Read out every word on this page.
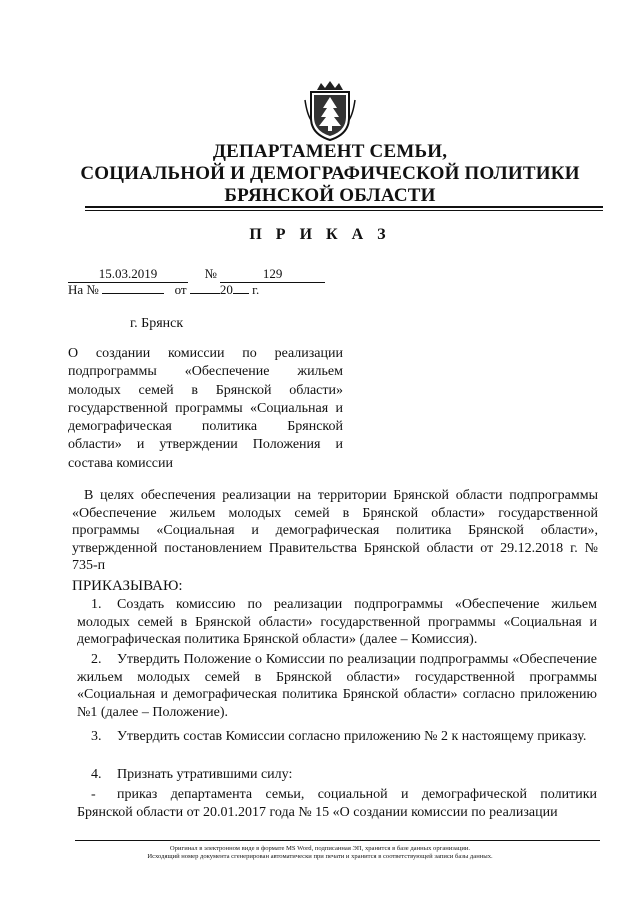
ДЕПАРТАМЕНТ СЕМЬИ,
СОЦИАЛЬНОЙ И ДЕМОГРАФИЧЕСКОЙ ПОЛИТИКИ
БРЯНСКОЙ ОБЛАСТИ
П Р И К А З
15.03.2019	№	129
На №	от	20 г.
г. Брянск
О создании комиссии по реализации подпрограммы «Обеспечение жильем молодых семей в Брянской области» государственной программы «Социальная и демографическая политика Брянской области» и утверждении Положения и состава комиссии
В целях обеспечения реализации на территории Брянской области подпрограммы «Обеспечение жильем молодых семей в Брянской области» государственной программы «Социальная и демографическая политика Брянской области», утвержденной постановлением Правительства Брянской области от 29.12.2018 г. № 735-п
ПРИКАЗЫВАЮ:
1. Создать комиссию по реализации подпрограммы «Обеспечение жильем молодых семей в Брянской области» государственной программы «Социальная и демографическая политика Брянской области» (далее – Комиссия).
2. Утвердить Положение о Комиссии по реализации подпрограммы «Обеспечение жильем молодых семей в Брянской области» государственной программы «Социальная и демографическая политика Брянской области» согласно приложению №1 (далее – Положение).
3. Утвердить состав Комиссии согласно приложению № 2 к настоящему приказу.
4. Признать утратившими силу:
- приказ департамента семьи, социальной и демографической политики Брянской области от 20.01.2017 года № 15 «О создании комиссии по реализации
Оригинал в электронном виде в формате MS Word, подписанная ЭП, хранится в базе данных организации.
Исходящий номер документа сгенерирован автоматически при печати и хранится в соответствующей записи базы данных.
